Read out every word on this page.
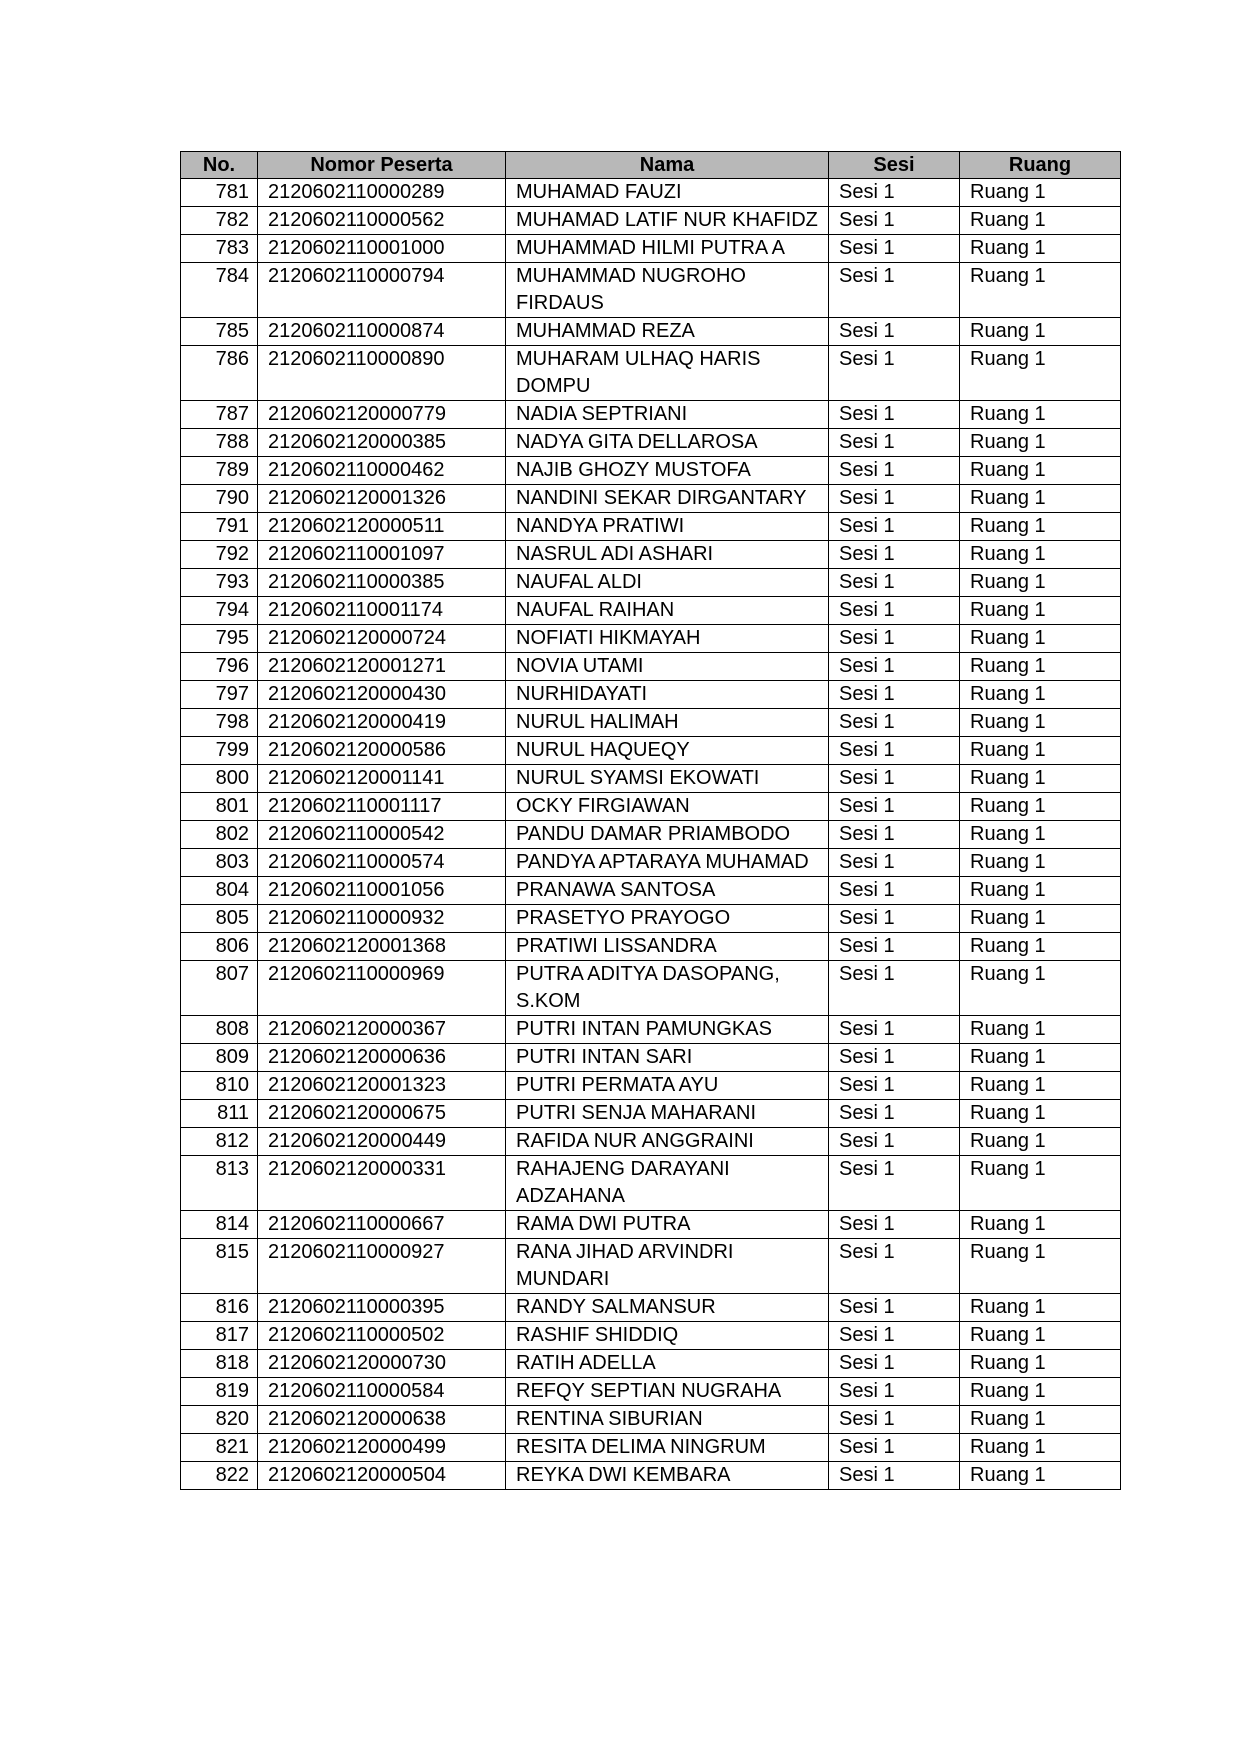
No.	Nomor Peserta	Nama	Sesi	Ruang
781	2120602110000289	MUHAMAD FAUZI	Sesi 1	Ruang 1
782	2120602110000562	MUHAMAD LATIF NUR KHAFIDZ	Sesi 1	Ruang 1
783	2120602110001000	MUHAMMAD HILMI PUTRA A	Sesi 1	Ruang 1
784	2120602110000794	MUHAMMAD NUGROHO FIRDAUS	Sesi 1	Ruang 1
785	2120602110000874	MUHAMMAD REZA	Sesi 1	Ruang 1
786	2120602110000890	MUHARAM ULHAQ HARIS DOMPU	Sesi 1	Ruang 1
787	2120602120000779	NADIA SEPTRIANI	Sesi 1	Ruang 1
788	2120602120000385	NADYA GITA DELLAROSA	Sesi 1	Ruang 1
789	2120602110000462	NAJIB GHOZY MUSTOFA	Sesi 1	Ruang 1
790	2120602120001326	NANDINI SEKAR DIRGANTARY	Sesi 1	Ruang 1
791	2120602120000511	NANDYA PRATIWI	Sesi 1	Ruang 1
792	2120602110001097	NASRUL ADI ASHARI	Sesi 1	Ruang 1
793	2120602110000385	NAUFAL ALDI	Sesi 1	Ruang 1
794	2120602110001174	NAUFAL RAIHAN	Sesi 1	Ruang 1
795	2120602120000724	NOFIATI HIKMAYAH	Sesi 1	Ruang 1
796	2120602120001271	NOVIA UTAMI	Sesi 1	Ruang 1
797	2120602120000430	NURHIDAYATI	Sesi 1	Ruang 1
798	2120602120000419	NURUL HALIMAH	Sesi 1	Ruang 1
799	2120602120000586	NURUL HAQUEQY	Sesi 1	Ruang 1
800	2120602120001141	NURUL SYAMSI EKOWATI	Sesi 1	Ruang 1
801	2120602110001117	OCKY FIRGIAWAN	Sesi 1	Ruang 1
802	2120602110000542	PANDU DAMAR PRIAMBODO	Sesi 1	Ruang 1
803	2120602110000574	PANDYA APTARAYA MUHAMAD	Sesi 1	Ruang 1
804	2120602110001056	PRANAWA SANTOSA	Sesi 1	Ruang 1
805	2120602110000932	PRASETYO PRAYOGO	Sesi 1	Ruang 1
806	2120602120001368	PRATIWI LISSANDRA	Sesi 1	Ruang 1
807	2120602110000969	PUTRA ADITYA DASOPANG, S.KOM	Sesi 1	Ruang 1
808	2120602120000367	PUTRI INTAN PAMUNGKAS	Sesi 1	Ruang 1
809	2120602120000636	PUTRI INTAN SARI	Sesi 1	Ruang 1
810	2120602120001323	PUTRI PERMATA AYU	Sesi 1	Ruang 1
811	2120602120000675	PUTRI SENJA MAHARANI	Sesi 1	Ruang 1
812	2120602120000449	RAFIDA NUR ANGGRAINI	Sesi 1	Ruang 1
813	2120602120000331	RAHAJENG DARAYANI ADZAHANA	Sesi 1	Ruang 1
814	2120602110000667	RAMA DWI PUTRA	Sesi 1	Ruang 1
815	2120602110000927	RANA JIHAD ARVINDRI MUNDARI	Sesi 1	Ruang 1
816	2120602110000395	RANDY SALMANSUR	Sesi 1	Ruang 1
817	2120602110000502	RASHIF SHIDDIQ	Sesi 1	Ruang 1
818	2120602120000730	RATIH ADELLA	Sesi 1	Ruang 1
819	2120602110000584	REFQY SEPTIAN NUGRAHA	Sesi 1	Ruang 1
820	2120602120000638	RENTINA SIBURIAN	Sesi 1	Ruang 1
821	2120602120000499	RESITA DELIMA NINGRUM	Sesi 1	Ruang 1
822	2120602120000504	REYKA DWI KEMBARA	Sesi 1	Ruang 1
